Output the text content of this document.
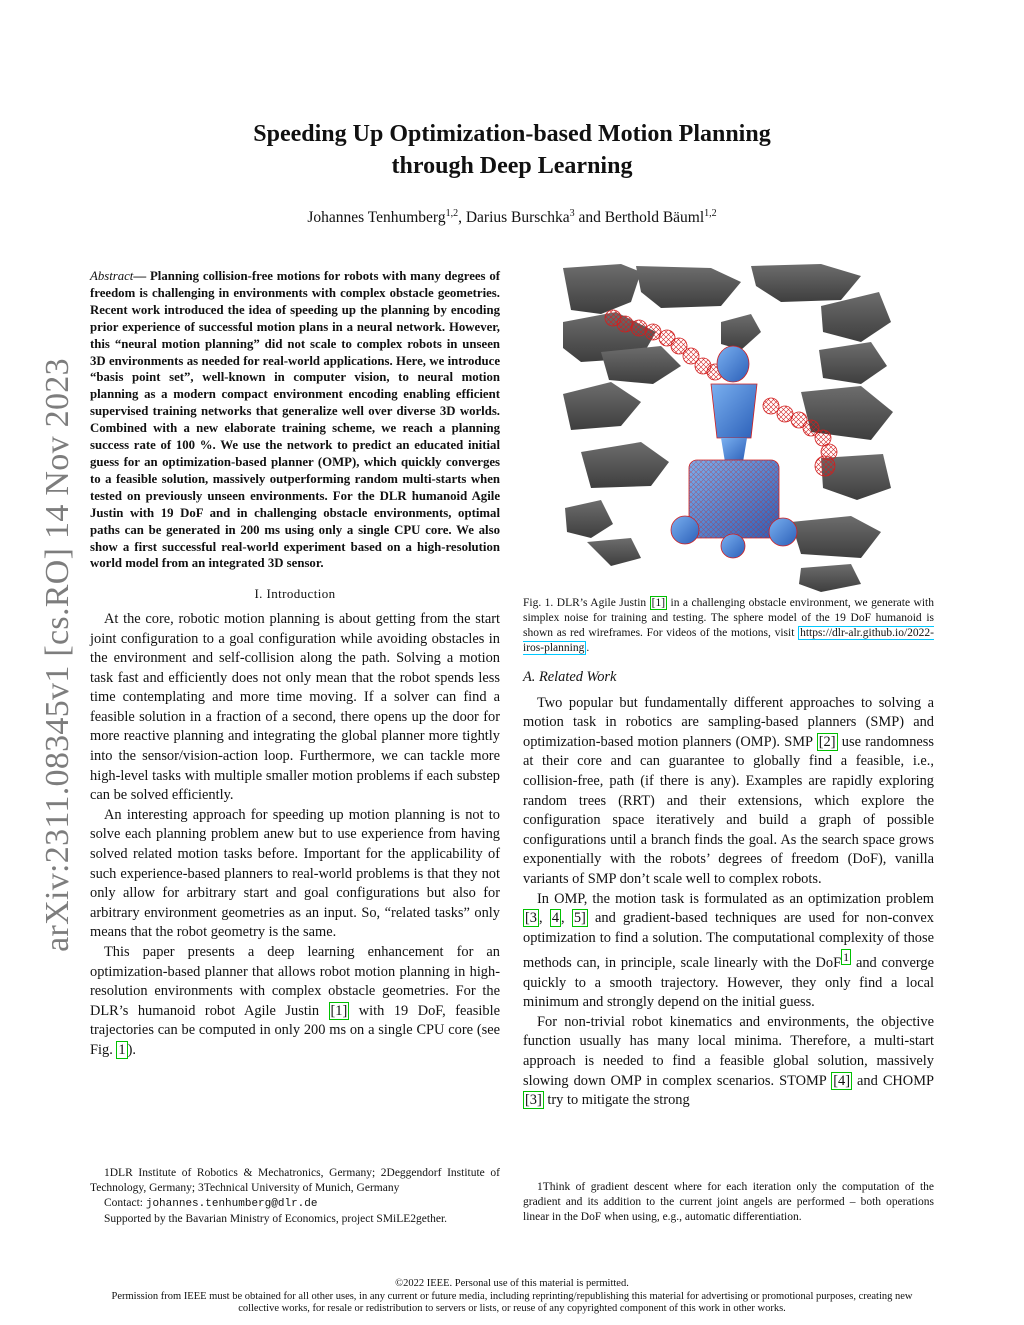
arXiv:2311.08345v1 [cs.RO] 14 Nov 2023
Speeding Up Optimization-based Motion Planning
through Deep Learning
Johannes Tenhumberg$^{1,2}$, Darius Burschka$^3$ and Berthold Bäuml$^{1,2}$

Abstract— Planning collision-free motions for robots with many degrees of freedom is challenging in environments with complex obstacle geometries. Recent work introduced the idea of speeding up the planning by encoding prior experience of successful motion plans in a neural network. However, this “neural motion planning” did not scale to complex robots in unseen 3D environments as needed for real-world applications. Here, we introduce “basis point set”, well-known in computer vision, to neural motion planning as a modern compact environment encoding enabling efficient supervised training networks that generalize well over diverse 3D worlds. Combined with a new elaborate training scheme, we reach a planning success rate of 100 %. We use the network to predict an educated initial guess for an optimization-based planner (OMP), which quickly converges to a feasible solution, massively outperforming random multi-starts when tested on previously unseen environments. For the DLR humanoid Agile Justin with 19 DoF and in challenging obstacle environments, optimal paths can be generated in 200 ms using only a single CPU core. We also show a first successful real-world experiment based on a high-resolution world model from an integrated 3D sensor.

I. Introduction

At the core, robotic motion planning is about getting from the start joint configuration to a goal configuration while avoiding obstacles in the environment and self-collision along the path. Solving a motion task fast and efficiently does not only mean that the robot spends less time contemplating and more time moving. If a solver can find a feasible solution in a fraction of a second, there opens up the door for more reactive planning and integrating the global planner more tightly into the sensor/vision-action loop. Furthermore, we can tackle more high-level tasks with multiple smaller motion problems if each substep can be solved efficiently.

An interesting approach for speeding up motion planning is not to solve each planning problem anew but to use experience from having solved related motion tasks before. Important for the applicability of such experience-based planners to real-world problems is that they not only allow for arbitrary start and goal configurations but also for arbitrary environment geometries as an input. So, “related tasks” only means that the robot geometry is the same.

This paper presents a deep learning enhancement for an optimization-based planner that allows robot motion planning in high-resolution environments with complex obstacle geometries. For the DLR’s humanoid robot Agile Justin [1] with 19 DoF, feasible trajectories can be computed in only 200 ms on a single CPU core (see Fig. 1 ).

1DLR Institute of Robotics & Mechatronics, Germany; 2Deggendorf Institute of Technology, Germany; 3Technical University of Munich, Germany

Contact: johannes.tenhumberg@dlr.de

Supported by the Bavarian Ministry of Economics, project SMiLE2gether.

Fig. 1. DLR’s Agile Justin [1] in a challenging obstacle environment, we generate with simplex noise for training and testing. The sphere model of the 19 DoF humanoid is shown as red wireframes. For videos of the motions, visit https://dlr-alr.github.io/2022-iros-planning .
A. Related Work

Two popular but fundamentally different approaches to solving a motion task in robotics are sampling-based planners (SMP) and optimization-based motion planners (OMP). SMP [2] use randomness at their core and can guarantee to globally find a feasible, i.e., collision-free, path (if there is any). Examples are rapidly exploring random trees (RRT) and their extensions, which explore the configuration space iteratively and build a graph of possible configurations until a branch finds the goal. As the search space grows exponentially with the robots’ degrees of freedom (DoF), vanilla variants of SMP don’t scale well to complex robots.

In OMP, the motion task is formulated as an optimization problem [3 , 4 , 5] and gradient-based techniques are used for non-convex optimization to find a solution. The computational complexity of those methods can, in principle, scale linearly with the DoF $^1$ and converge quickly to a smooth trajectory. However, they only find a local minimum and strongly depend on the initial guess.

For non-trivial robot kinematics and environments, the objective function usually has many local minima. Therefore, a multi-start approach is needed to find a feasible global solution, massively slowing down OMP in complex scenarios. STOMP [4] and CHOMP [3] try to mitigate the strong

1Think of gradient descent where for each iteration only the computation of the gradient and its addition to the current joint angels are performed – both operations linear in the DoF when using, e.g., automatic differentiation.

©2022 IEEE. Personal use of this material is permitted.
Permission from IEEE must be obtained for all other uses, in any current or future media, including reprinting/republishing this material for advertising or promotional purposes, creating new collective works, for resale or redistribution to servers or lists, or reuse of any copyrighted component of this work in other works.
